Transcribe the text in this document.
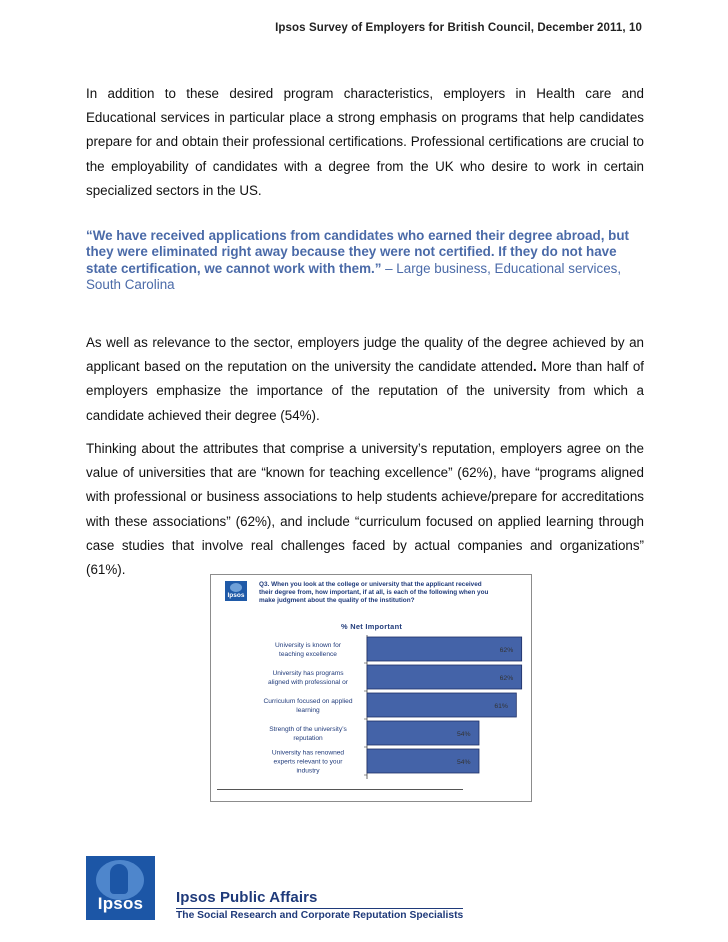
Ipsos Survey of Employers for British Council, December 2011, 10
In addition to these desired program characteristics, employers in Health care and Educational services in particular place a strong emphasis on programs that help candidates prepare for and obtain their professional certifications. Professional certifications are crucial to the employability of candidates with a degree from the UK who desire to work in certain specialized sectors in the US.
“We have received applications from candidates who earned their degree abroad, but they were eliminated right away because they were not certified. If they do not have state certification, we cannot work with them.” – Large business, Educational services, South Carolina
As well as relevance to the sector, employers judge the quality of the degree achieved by an applicant based on the reputation on the university the candidate attended. More than half of employers emphasize the importance of the reputation of the university from which a candidate achieved their degree (54%).
Thinking about the attributes that comprise a university’s reputation, employers agree on the value of universities that are “known for teaching excellence” (62%), have “programs aligned with professional or business associations to help students achieve/prepare for accreditations with these associations” (62%), and include “curriculum focused on applied learning through case studies that involve real challenges faced by actual companies and organizations” (61%).
Ipsos
Q3. When you look at the college or university that the applicant received their degree from, how important, if at all, is each of the following when you make judgment about the quality of the institution?
% Net Important
62%
University is known for teaching excellence
62%
University has programs aligned with professional or
61%
Curriculum focused on applied learning
54%
Strength of the university’s reputation
54%
University has renowned experts relevant to your industry
Ipsos	Ipsos Public Affairs
The Social Research and Corporate Reputation Specialists
